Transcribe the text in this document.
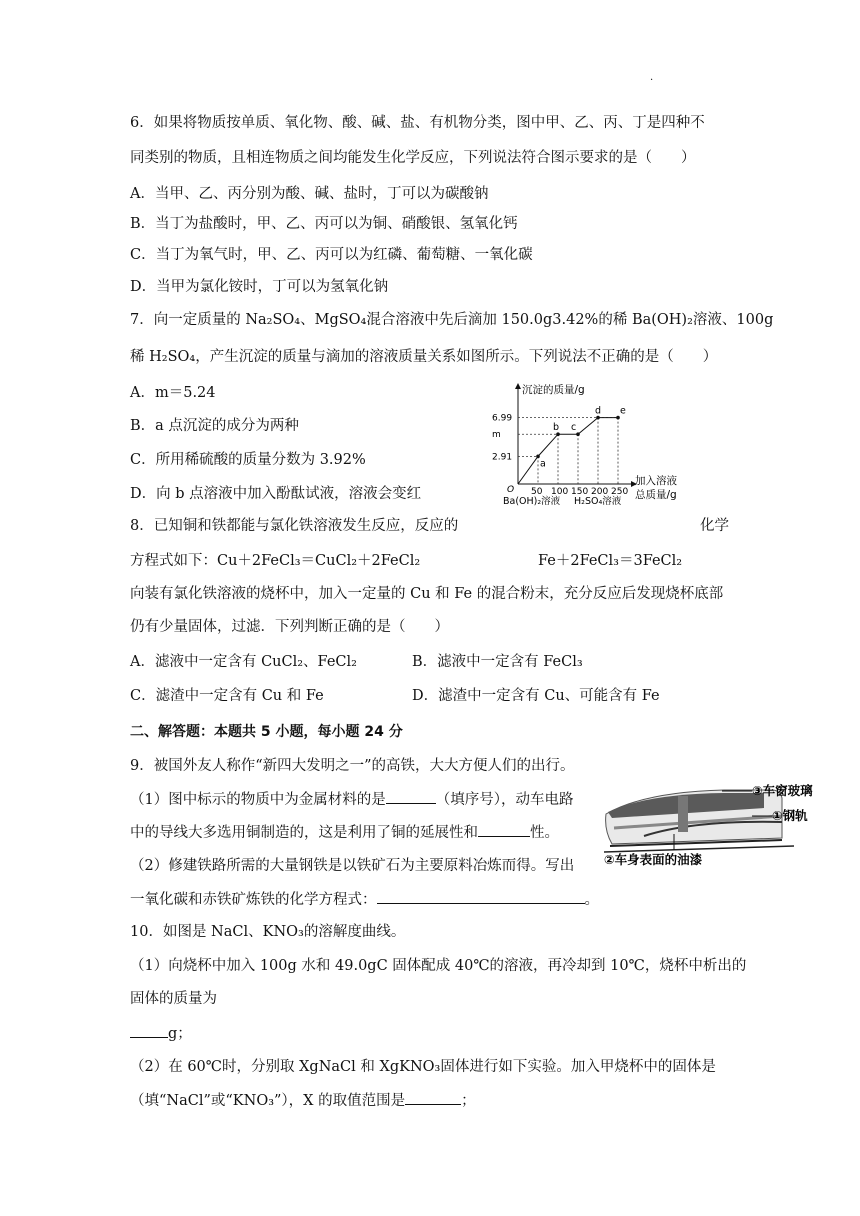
.
6．如果将物质按单质、氧化物、酸、碱、盐、有机物分类，图中甲、乙、丙、丁是四种不
同类别的物质，且相连物质之间均能发生化学反应，下列说法符合图示要求的是（　　）
A．当甲、乙、丙分别为酸、碱、盐时，丁可以为碳酸钠
B．当丁为盐酸时，甲、乙、丙可以为铜、硝酸银、氢氧化钙
C．当丁为氧气时，甲、乙、丙可以为红磷、葡萄糖、一氧化碳
D．当甲为氯化铵时，丁可以为氢氧化钠
7．向一定质量的 Na₂SO₄、MgSO₄混合溶液中先后滴加 150.0g3.42%的稀 Ba(OH)₂溶液、100g
稀 H₂SO₄，产生沉淀的质量与滴加的溶液质量关系如图所示。下列说法不正确的是（　　）
A．m＝5.24
B．a 点沉淀的成分为两种
C．所用稀硫酸的质量分数为 3.92%
D．向 b 点溶液中加入酚酞试液，溶液会变红
沉淀的质量/g
O
加入溶液
总质量/g
Ba(OH)₂溶液 H₂SO₄溶液
6.99
m
2.91
50 100 150 200 250
a
b c
d e
8．已知铜和铁都能与氯化铁溶液发生反应，反应的	化学
方程式如下：Cu＋2FeCl₃＝CuCl₂＋2FeCl₂	Fe＋2FeCl₃＝3FeCl₂
向装有氯化铁溶液的烧杯中，加入一定量的 Cu 和 Fe 的混合粉末，充分反应后发现烧杯底部
仍有少量固体，过滤．下列判断正确的是（　　）
A．滤液中一定含有 CuCl₂、FeCl₂	B．滤液中一定含有 FeCl₃
C．滤渣中一定含有 Cu 和 Fe	D．滤渣中一定含有 Cu、可能含有 Fe
二、解答题：本题共 5 小题，每小题 24 分
9．被国外友人称作“新四大发明之一”的高铁，大大方便人们的出行。
（1）图中标示的物质中为金属材料的是	（填序号），动车电路
中的导线大多选用铜制造的，这是利用了铜的延展性和	性。
（2）修建铁路所需的大量钢铁是以铁矿石为主要原料冶炼而得。写出
一氧化碳和赤铁矿炼铁的化学方程式：	。
③车窗玻璃
①钢轨
②车身表面的油漆
10．如图是 NaCl、KNO₃的溶解度曲线。
（1）向烧杯中加入 100g 水和 49.0gC 固体配成 40℃的溶液，再冷却到 10℃，烧杯中析出的
固体的质量为
g；
（2）在 60℃时，分别取 XgNaCl 和 XgKNO₃固体进行如下实验。加入甲烧杯中的固体是
（填“NaCl”或“KNO₃”），X 的取值范围是	；
